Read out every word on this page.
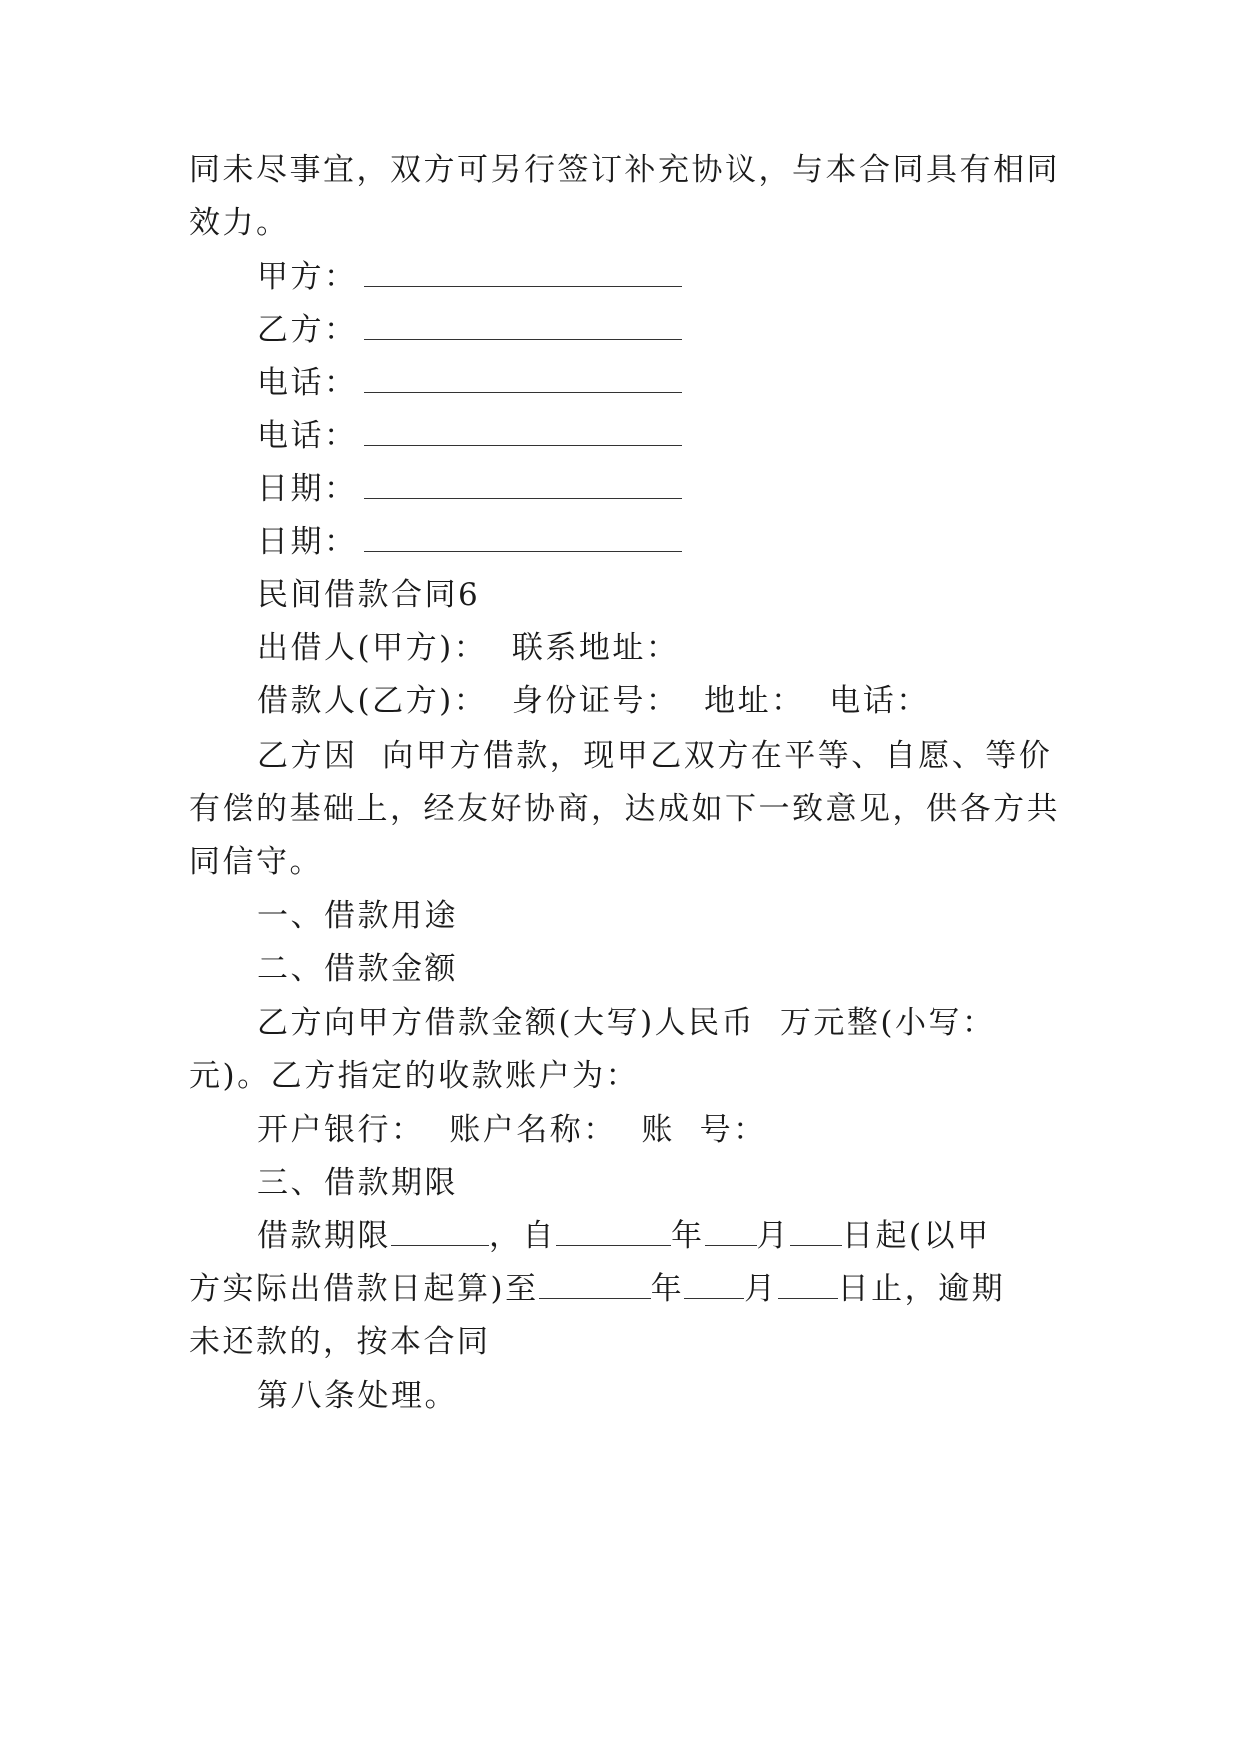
同未尽事宜，双方可另行签订补充协议，与本合同具有相同
效力。
甲方：
乙方：
电话：
电话：
日期：
日期：
民间借款合同6
出借人(甲方)：  联系地址：
借款人(乙方)：  身份证号：  地址：  电话：
乙方因  向甲方借款，现甲乙双方在平等、自愿、等价
有偿的基础上，经友好协商，达成如下一致意见，供各方共
同信守。
一、借款用途
二、借款金额
乙方向甲方借款金额(大写)人民币  万元整(小写：
元)。乙方指定的收款账户为：
开户银行：  账户名称：  账  号：
三、借款期限
借款期限	，自	年 月 日起(以甲
方实际出借款日起算)至	年 月 日止，逾期
未还款的，按本合同
第八条处理。
